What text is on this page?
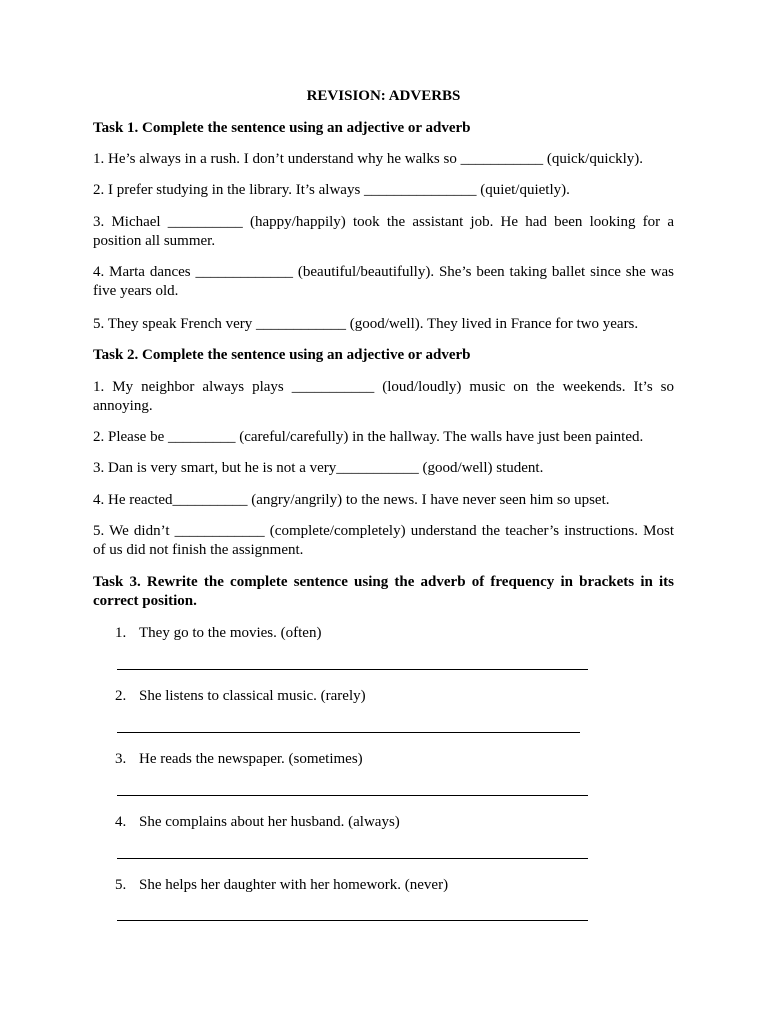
REVISION: ADVERBS
Task 1. Complete the sentence using an adjective or adverb
1. He’s always in a rush. I don’t understand why he walks so ___________ (quick/quickly).
2. I prefer studying in the library. It’s always _______________ (quiet/quietly).
3. Michael __________ (happy/happily) took the assistant job. He had been looking for a position all summer.
4. Marta dances _____________ (beautiful/beautifully). She’s been taking ballet since she was five years old.
5. They speak French very ____________ (good/well). They lived in France for two years.
Task 2. Complete the sentence using an adjective or adverb
1. My neighbor always plays ___________ (loud/loudly) music on the weekends. It’s so annoying.
2. Please be _________ (careful/carefully) in the hallway. The walls have just been painted.
3. Dan is very smart, but he is not a very___________ (good/well) student.
4. He reacted__________ (angry/angrily) to the news. I have never seen him so upset.
5. We didn’t ____________ (complete/completely) understand the teacher’s instructions. Most of us did not finish the assignment.
Task 3. Rewrite the complete sentence using the adverb of frequency in brackets in its correct position.
1. They go to the movies. (often)
2. She listens to classical music. (rarely)
3. He reads the newspaper. (sometimes)
4. She complains about her husband. (always)
5. She helps her daughter with her homework. (never)
